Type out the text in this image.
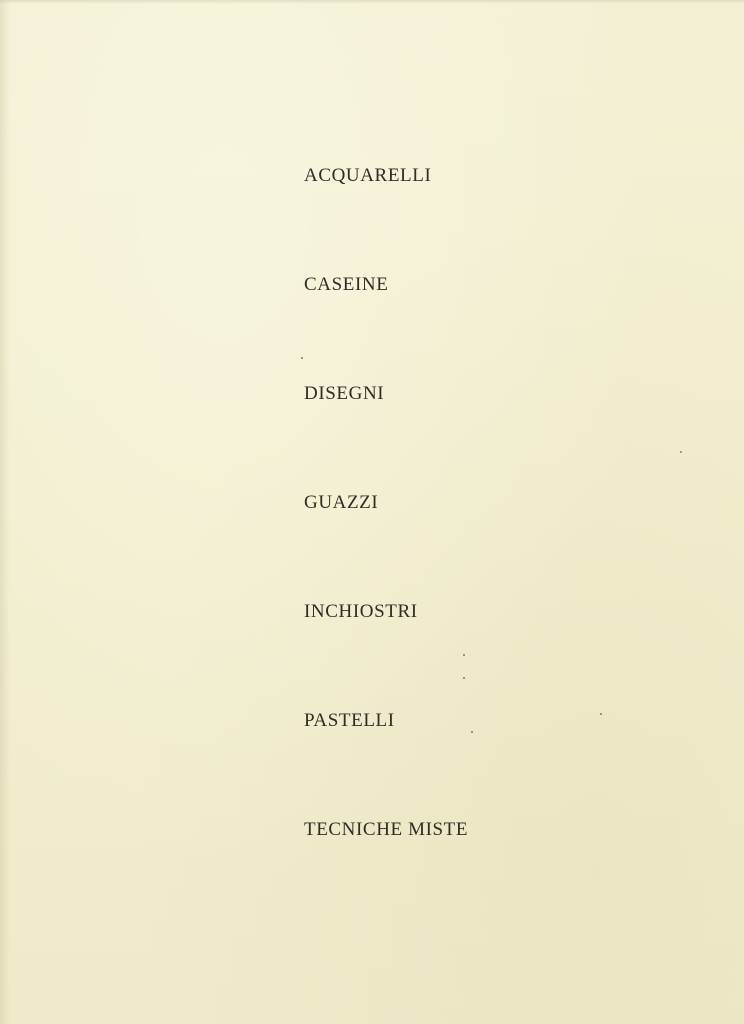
ACQUARELLI
CASEINE
DISEGNI
GUAZZI
INCHIOSTRI
PASTELLI
TECNICHE MISTE
